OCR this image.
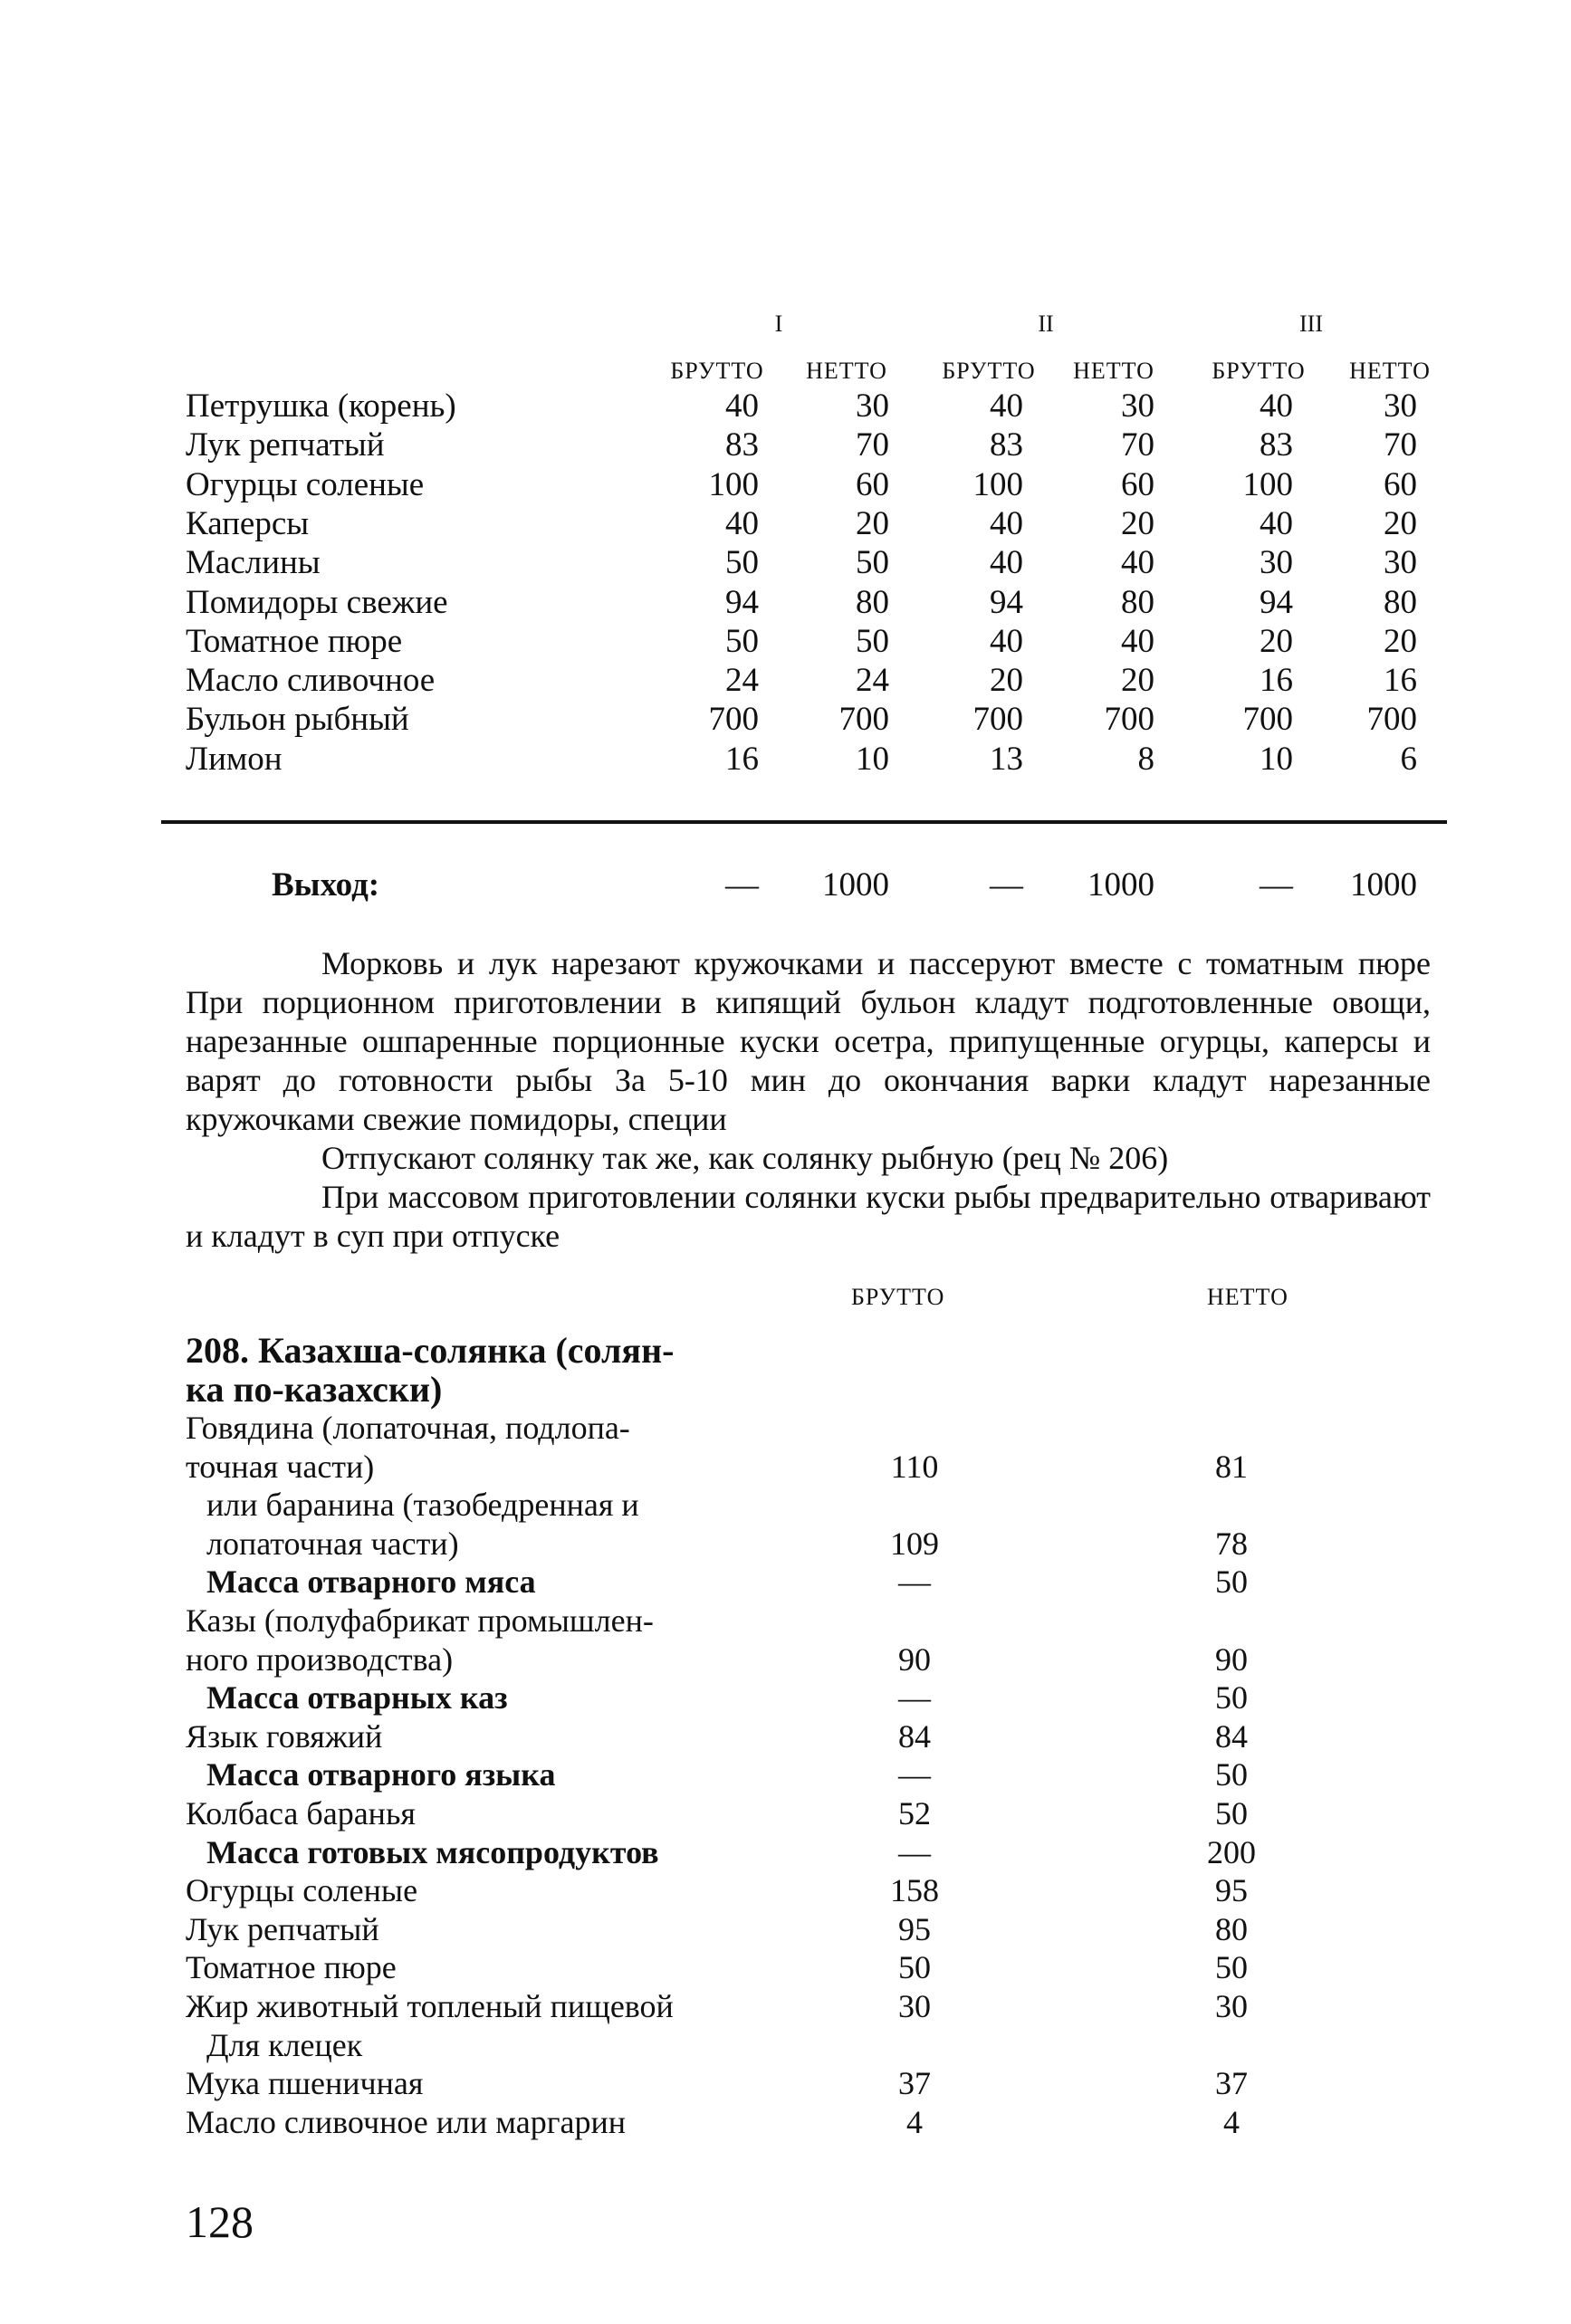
I	II	III
БРУТТО	НЕТТО	БРУТТО	НЕТТО	БРУТТО	НЕТТО
Петрушка (корень)	40	30	40	30	40	30
Лук репчатый	83	70	83	70	83	70
Огурцы соленые	100	60	100	60	100	60
Каперсы	40	20	40	20	40	20
Маслины	50	50	40	40	30	30
Помидоры свежие	94	80	94	80	94	80
Томатное пюре	50	50	40	40	20	20
Масло сливочное	24	24	20	20	16	16
Бульон рыбный	700	700	700	700	700	700
Лимон	16	10	13	8	10	6
Выход:	—	1000	—	1000	—	1000

Морковь и лук нарезают кружочками и пассеруют вместе с томатным пюре При порционном приготовлении в кипящий бульон кладут подготовленные овощи, нарезанные ошпаренные порционные куски осетра, припущенные огурцы, каперсы и варят до готовности рыбы За 5-10 мин до окончания варки кладут нарезанные кружочками свежие помидоры, специи

Отпускают солянку так же, как солянку рыбную (рец № 206)

При массовом приготовлении солянки куски рыбы предварительно отваривают и кладут в суп при отпуске

208. Казахша-солянка (солян-
ка по-казахски)
БРУТТО	НЕТТО
Говядина (лопаточная, подлопа-
точная части)	110	81
или баранина (тазобедренная и
лопаточная части)	109	78
Масса отварного мяса	—	50
Казы (полуфабрикат промышлен-
ного производства)	90	90
Масса отварных каз	—	50
Язык говяжий	84	84
Масса отварного языка	—	50
Колбаса баранья	52	50
Масса готовых мясопродуктов	—	200
Огурцы соленые	158	95
Лук репчатый	95	80
Томатное пюре	50	50
Жир животный топленый пищевой	30	30
Для клецек
Мука пшеничная	37	37
Масло сливочное или маргарин	4	4
128
